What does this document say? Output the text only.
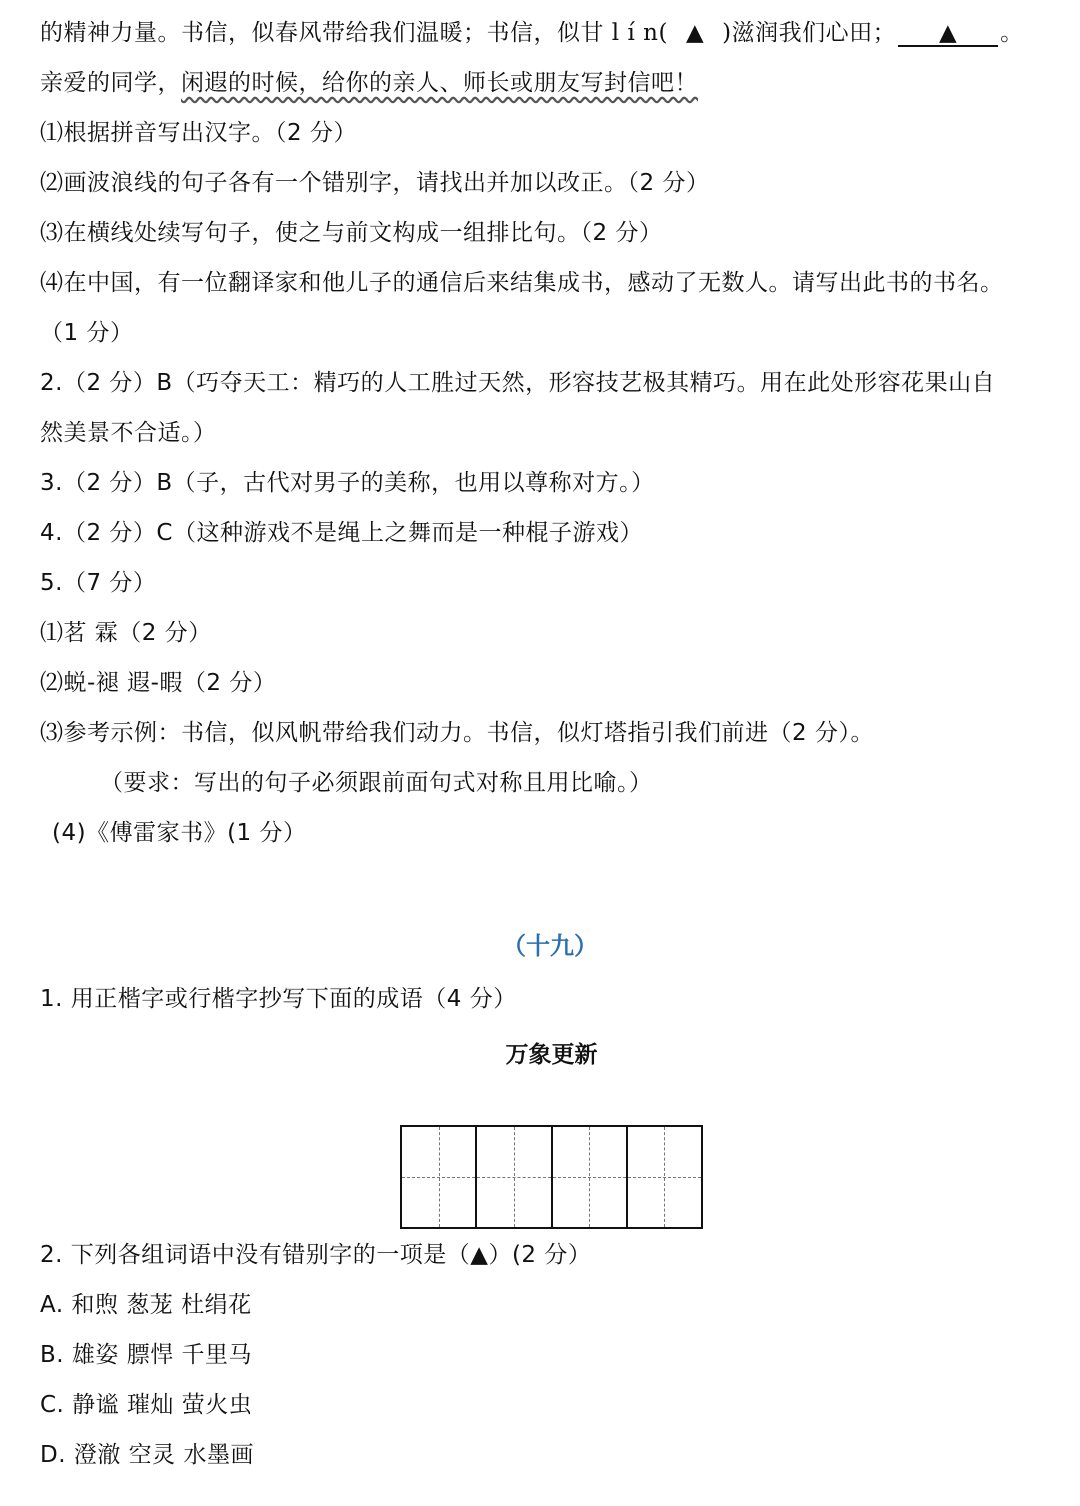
的精神力量。书信，似春风带给我们温暖；书信，似甘 l í n( ▲ )滋润我们心田； ▲ 。
亲爱的同学，闲遐的时候，给你的亲人、师长或朋友写封信吧！
⑴根据拼音写出汉字。（2 分）
⑵画波浪线的句子各有一个错别字，请找出并加以改正。（2 分）
⑶在横线处续写句子，使之与前文构成一组排比句。（2 分）
⑷在中国，有一位翻译家和他儿子的通信后来结集成书，感动了无数人。请写出此书的书名。
（1 分）
2.（2 分）B（巧夺天工：精巧的人工胜过天然，形容技艺极其精巧。用在此处形容花果山自
然美景不合适。）
3.（2 分）B（子，古代对男子的美称，也用以尊称对方。）
4.（2 分）C（这种游戏不是绳上之舞而是一种棍子游戏）
5.（7 分）
⑴茗 霖（2 分）
⑵蜕-褪 遐-暇（2 分）
⑶参考示例：书信，似风帆带给我们动力。书信，似灯塔指引我们前进（2 分）。
（要求：写出的句子必须跟前面句式对称且用比喻。）
(4)《傅雷家书》(1 分）
（十九）
1. 用正楷字或行楷字抄写下面的成语（4 分）
万象更新
2. 下列各组词语中没有错别字的一项是（▲）(2 分）
A. 和煦 葱茏 杜绢花
B. 雄姿 膘悍 千里马
C. 静谧 璀灿 萤火虫
D. 澄澈 空灵 水墨画
